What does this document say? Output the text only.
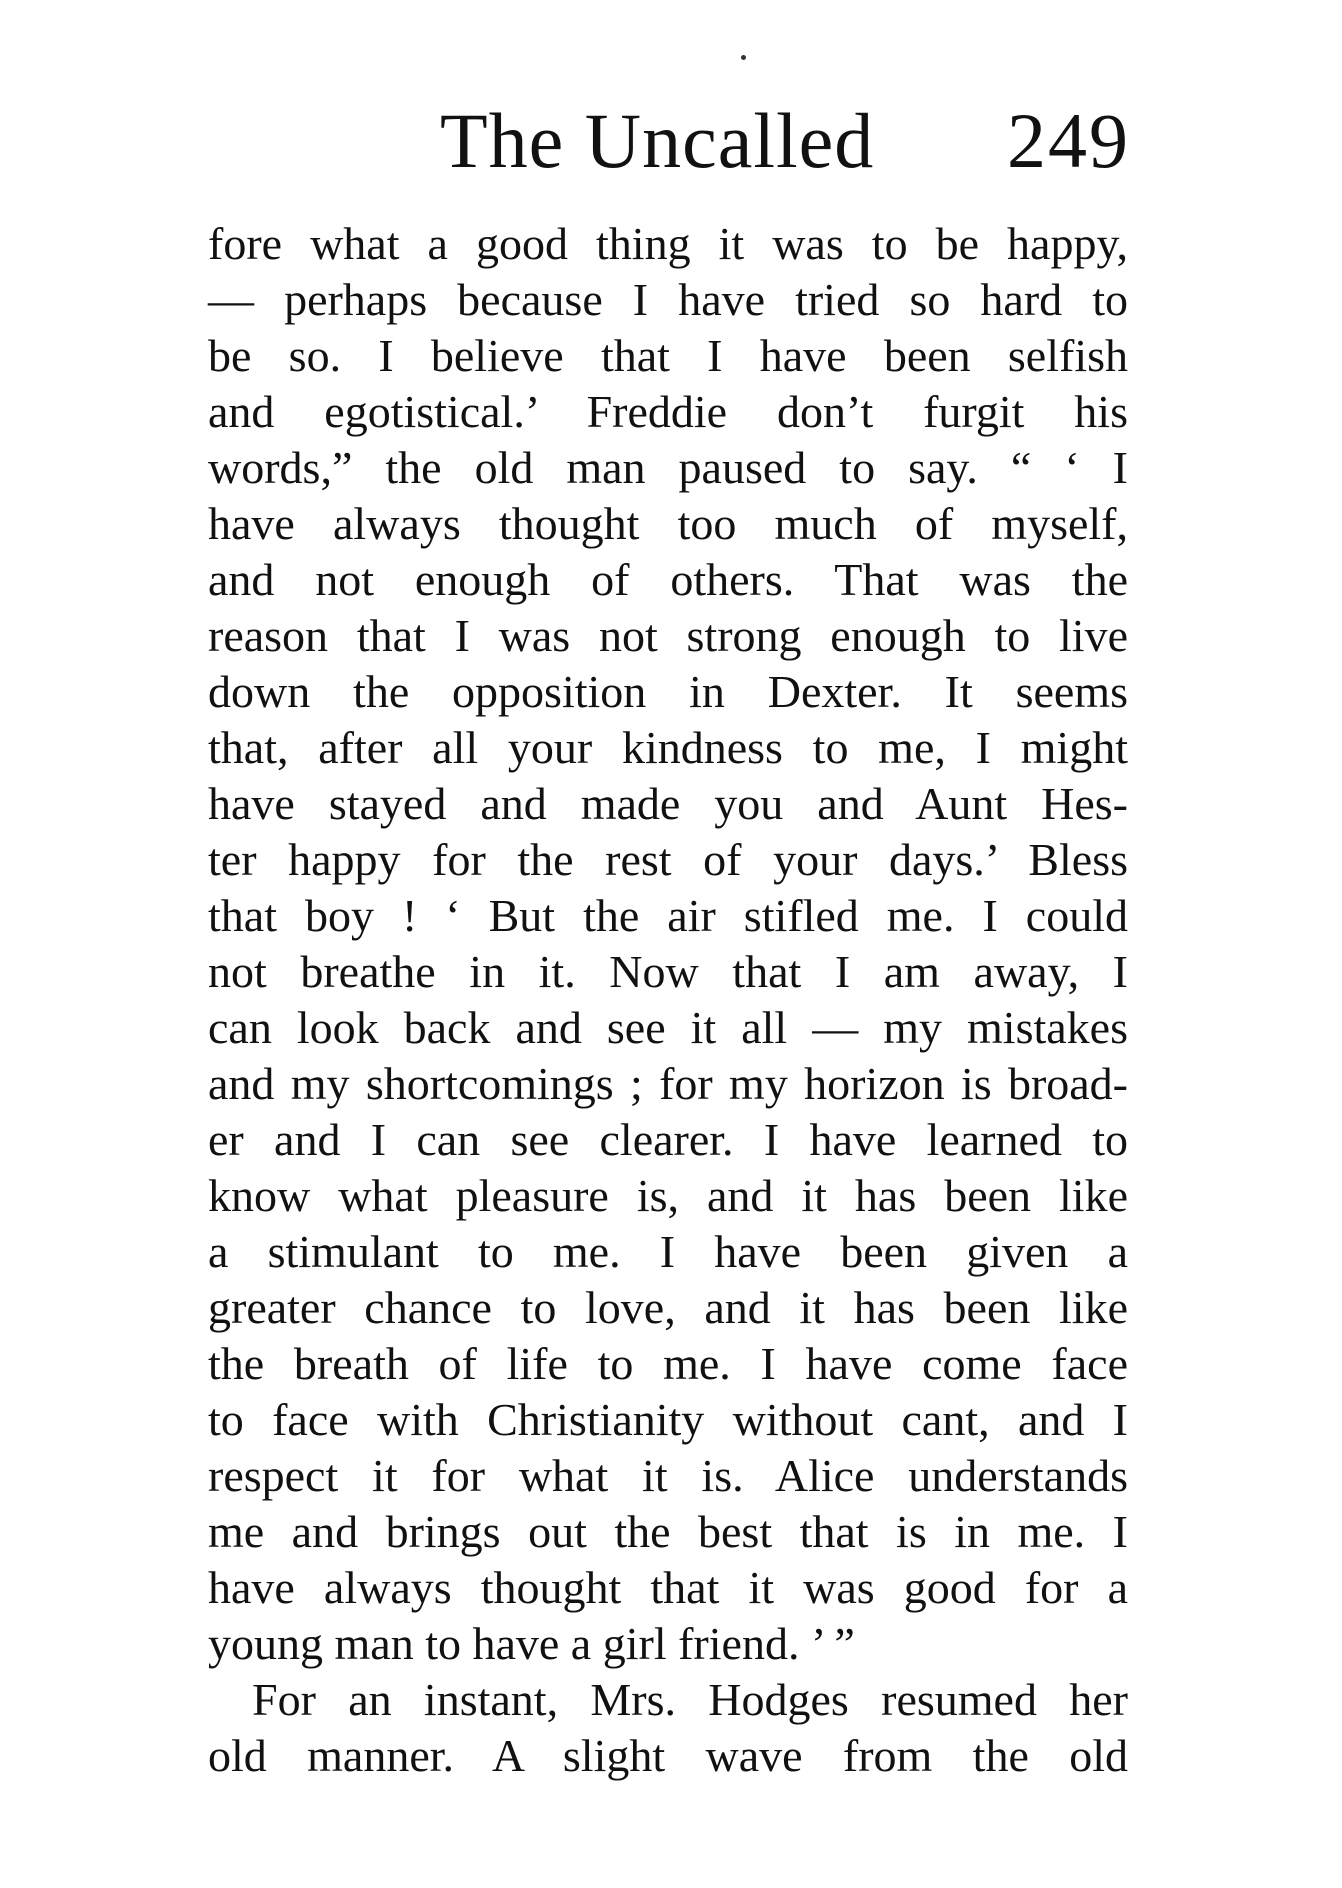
The Uncalled 249
fore what a good thing it was to be happy,
— perhaps because I have tried so hard to
be so. I believe that I have been selfish
and egotistical.’ Freddie don’t furgit his
words,” the old man paused to say. “ ‘ I
have always thought too much of myself,
and not enough of others. That was the
reason that I was not strong enough to live
down the opposition in Dexter. It seems
that, after all your kindness to me, I might
have stayed and made you and Aunt Hes-
ter happy for the rest of your days.’ Bless
that boy ! ‘ But the air stifled me. I could
not breathe in it. Now that I am away, I
can look back and see it all — my mistakes
and my shortcomings ; for my horizon is broad-
er and I can see clearer. I have learned to
know what pleasure is, and it has been like
a stimulant to me. I have been given a
greater chance to love, and it has been like
the breath of life to me. I have come face
to face with Christianity without cant, and I
respect it for what it is. Alice understands
me and brings out the best that is in me. I
have always thought that it was good for a
young man to have a girl friend. ’ ”
For an instant, Mrs. Hodges resumed her
old manner. A slight wave from the old
